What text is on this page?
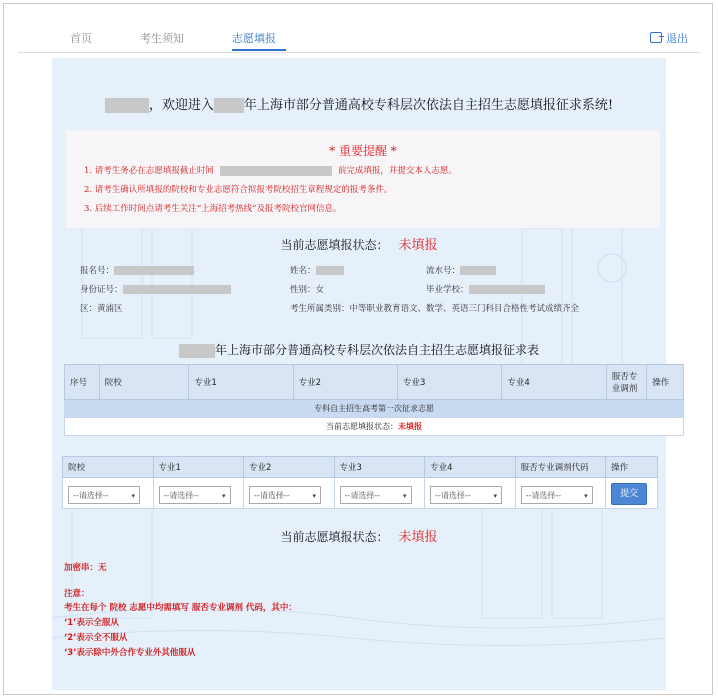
首页	考生须知	志愿填报	退出
，欢迎进入 年上海市部分普通高校专科层次依法自主招生志愿填报征求系统!
* 重要提醒 *
1. 请考生务必在志愿填报截止时间	前完成填报，并提交本人志愿。
2. 请考生确认所填报的院校和专业志愿符合拟报考院校招生章程规定的报考条件。
3. 后续工作时间点请考生关注“上海招考热线”及报考院校官网信息。
当前志愿填报状态： 未填报
报名号：	姓名：	流水号：
身份证号：	性别：女	毕业学校：
区：黄浦区	考生所属类别：中等职业教育语文、数学、英语三门科目合格性考试成绩齐全
年上海市部分普通高校专科层次依法自主招生志愿填报征求表
序号	院校	专业1	专业2	专业3	专业4	服否专业调剂	操作
专科自主招生高考第一次征求志愿
当前志愿填报状态：未填报
院校	专业1	专业2	专业3	专业4	服否专业调剂代码	操作
--请选择-- ▾	--请选择-- ▾	--请选择-- ▾	--请选择-- ▾	--请选择-- ▾	--请选择-- ▾	提交
当前志愿填报状态： 未填报
加密串：无
注意：
考生在每个 院校 志愿中均需填写 服否专业调剂 代码，其中：
‘1’表示全服从
‘2’表示全不服从
‘3’表示除中外合作专业外其他服从
